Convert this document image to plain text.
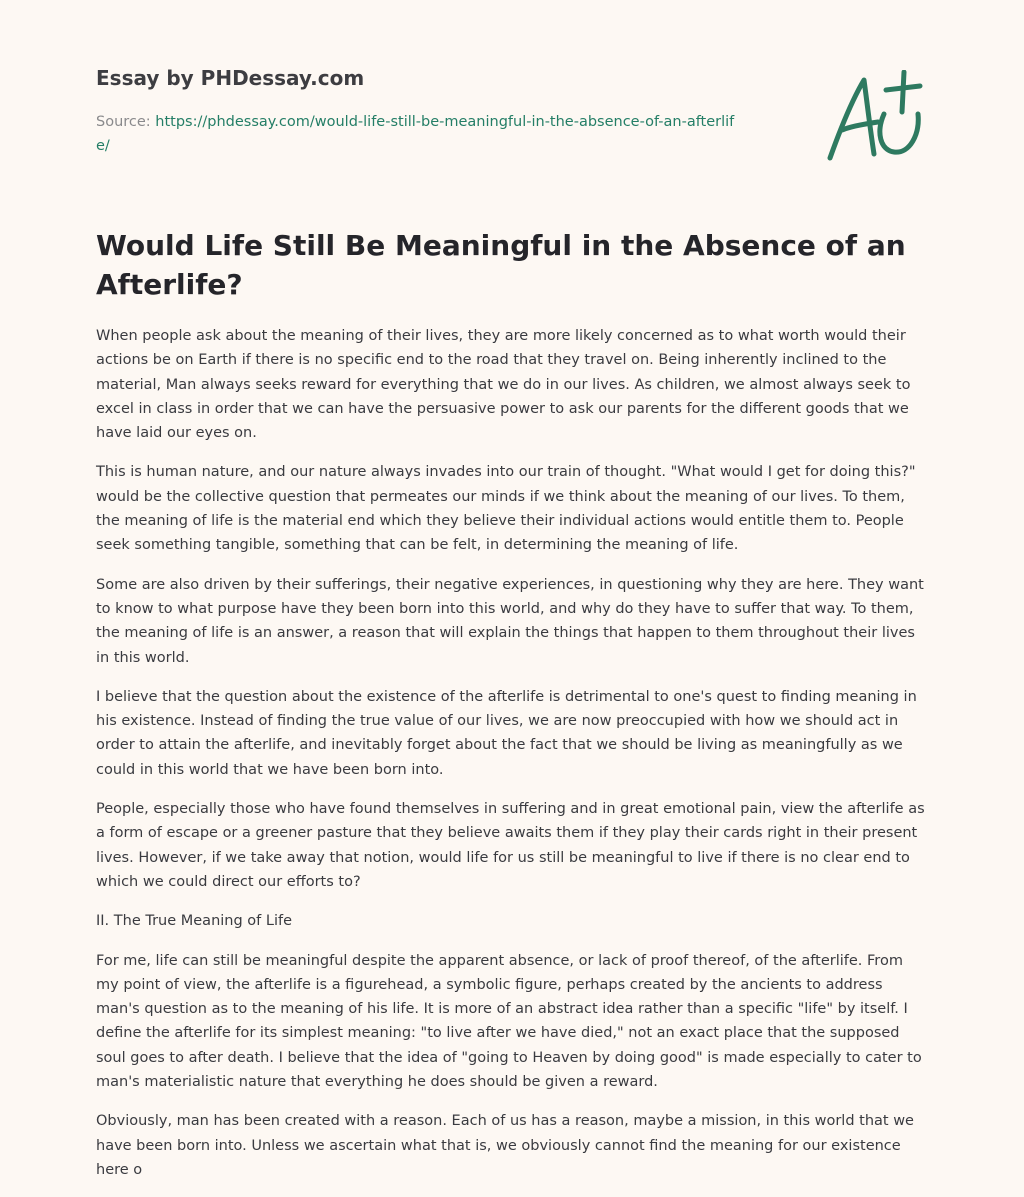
Essay by PHDessay.com
Source: https://phdessay.com/would-life-still-be-meaningful-in-the-absence-of-an-afterlife/
Would Life Still Be Meaningful in the Absence of an Afterlife?

When people ask about the meaning of their lives, they are more likely concerned as to what worth would their actions be on Earth if there is no specific end to the road that they travel on. Being inherently inclined to the material, Man always seeks reward for everything that we do in our lives. As children, we almost always seek to excel in class in order that we can have the persuasive power to ask our parents for the different goods that we have laid our eyes on.

This is human nature, and our nature always invades into our train of thought. "What would I get for doing this?" would be the collective question that permeates our minds if we think about the meaning of our lives. To them, the meaning of life is the material end which they believe their individual actions would entitle them to. People seek something tangible, something that can be felt, in determining the meaning of life.

Some are also driven by their sufferings, their negative experiences, in questioning why they are here. They want to know to what purpose have they been born into this world, and why do they have to suffer that way. To them, the meaning of life is an answer, a reason that will explain the things that happen to them throughout their lives in this world.

I believe that the question about the existence of the afterlife is detrimental to one's quest to finding meaning in his existence. Instead of finding the true value of our lives, we are now preoccupied with how we should act in order to attain the afterlife, and inevitably forget about the fact that we should be living as meaningfully as we could in this world that we have been born into.

People, especially those who have found themselves in suffering and in great emotional pain, view the afterlife as a form of escape or a greener pasture that they believe awaits them if they play their cards right in their present lives. However, if we take away that notion, would life for us still be meaningful to live if there is no clear end to which we could direct our efforts to?

II. The True Meaning of Life

For me, life can still be meaningful despite the apparent absence, or lack of proof thereof, of the afterlife. From my point of view, the afterlife is a figurehead, a symbolic figure, perhaps created by the ancients to address man's question as to the meaning of his life. It is more of an abstract idea rather than a specific "life" by itself. I define the afterlife for its simplest meaning: "to live after we have died," not an exact place that the supposed soul goes to after death. I believe that the idea of "going to Heaven by doing good" is made especially to cater to man's materialistic nature that everything he does should be given a reward.

Obviously, man has been created with a reason. Each of us has a reason, maybe a mission, in this world that we have been born into. Unless we ascertain what that is, we obviously cannot find the meaning for our existence here o
